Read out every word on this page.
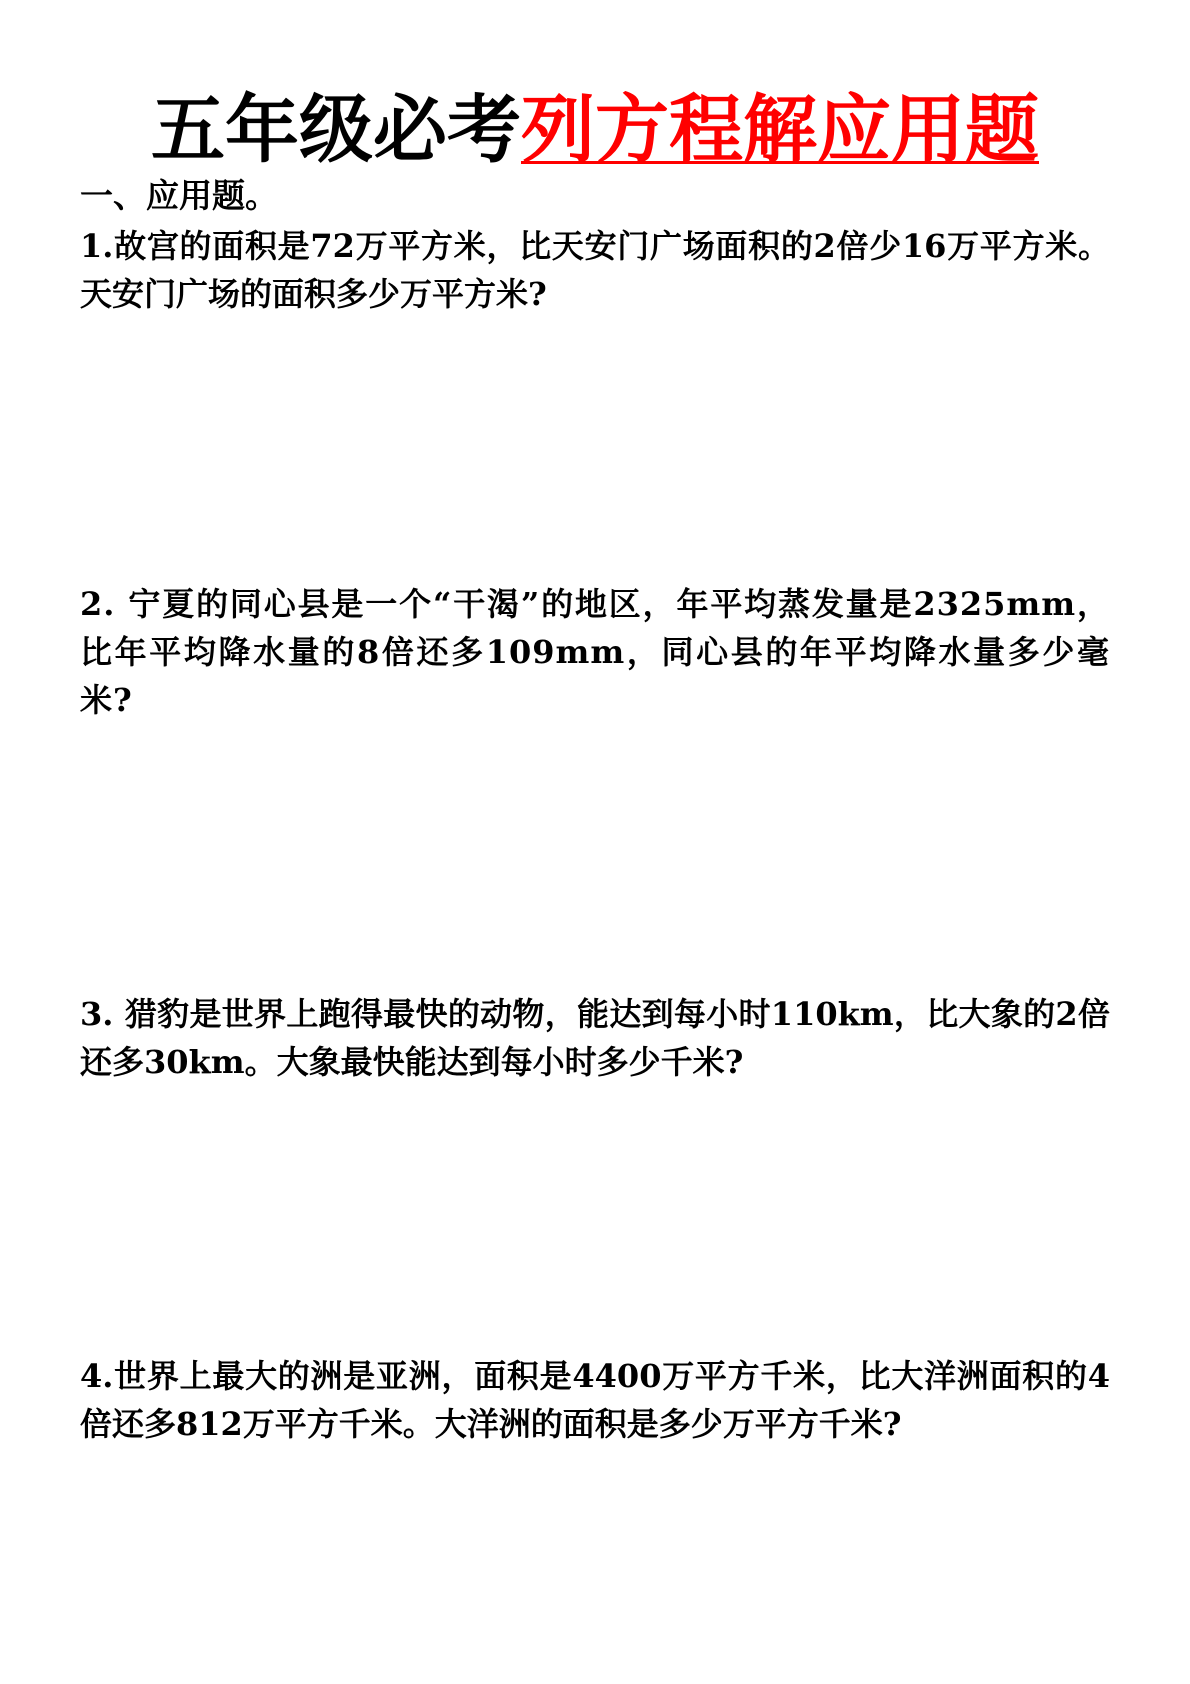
五年级必考列方程解应用题
一、应用题。
1.故宫的面积是72万平方米，比天安门广场面积的2倍少16万平方米。天安门广场的面积多少万平方米?
2. 宁夏的同心县是一个“干渴”的地区，年平均蒸发量是2325mm，比年平均降水量的8倍还多109mm，同心县的年平均降水量多少毫米?
3. 猎豹是世界上跑得最快的动物，能达到每小时110km，比大象的2倍还多30km。大象最快能达到每小时多少千米?
4.世界上最大的洲是亚洲，面积是4400万平方千米，比大洋洲面积的4倍还多812万平方千米。大洋洲的面积是多少万平方千米?
